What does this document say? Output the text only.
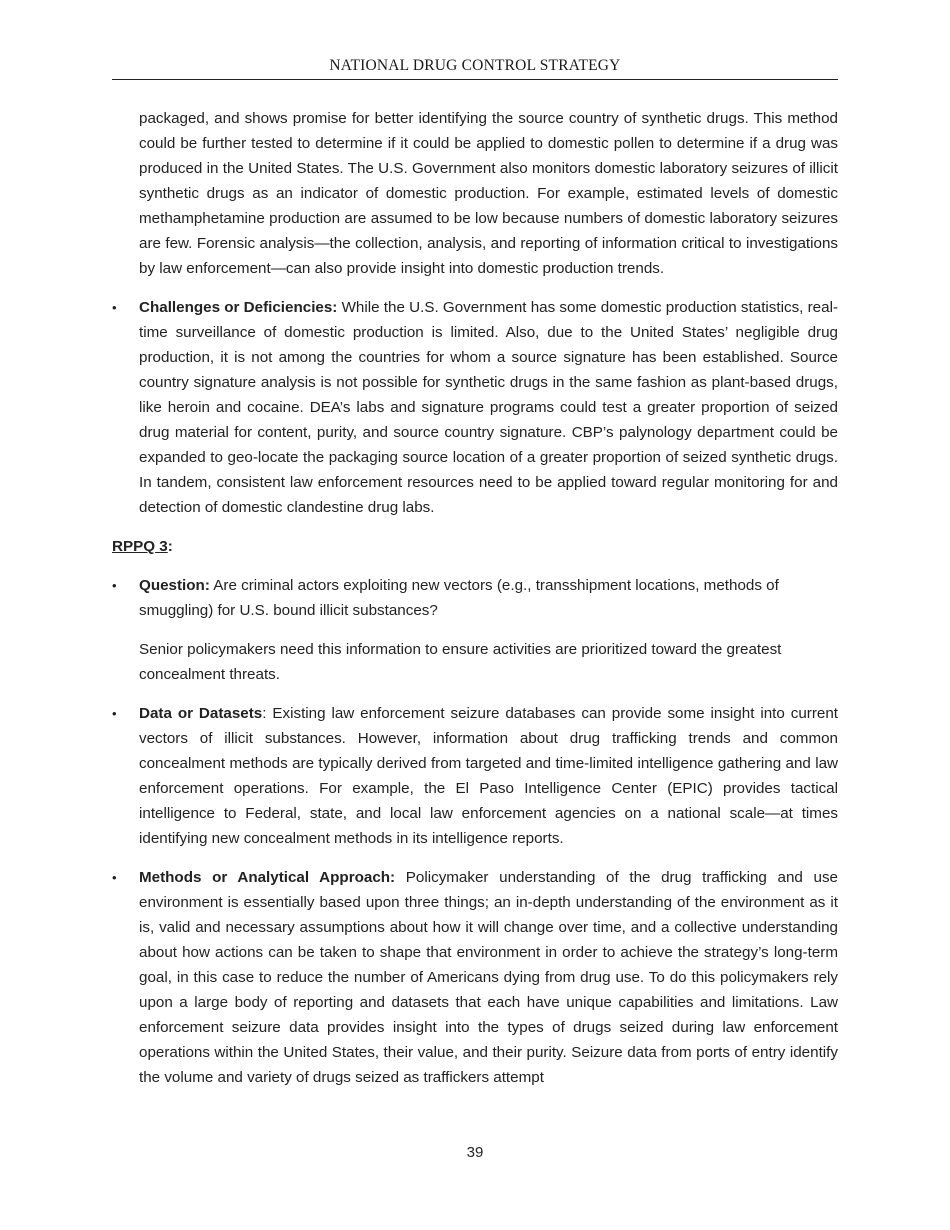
NATIONAL DRUG CONTROL STRATEGY

packaged, and shows promise for better identifying the source country of synthetic drugs. This method could be further tested to determine if it could be applied to domestic pollen to determine if a drug was produced in the United States. The U.S. Government also monitors domestic laboratory seizures of illicit synthetic drugs as an indicator of domestic production. For example, estimated levels of domestic methamphetamine production are assumed to be low because numbers of domestic laboratory seizures are few. Forensic analysis—the collection, analysis, and reporting of information critical to investigations by law enforcement—can also provide insight into domestic production trends.

•	Challenges or Deficiencies: While the U.S. Government has some domestic production statistics, real-time surveillance of domestic production is limited. Also, due to the United States’ negligible drug production, it is not among the countries for whom a source signature has been established. Source country signature analysis is not possible for synthetic drugs in the same fashion as plant-based drugs, like heroin and cocaine. DEA’s labs and signature programs could test a greater proportion of seized drug material for content, purity, and source country signature. CBP’s palynology department could be expanded to geo-locate the packaging source location of a greater proportion of seized synthetic drugs. In tandem, consistent law enforcement resources need to be applied toward regular monitoring for and detection of domestic clandestine drug labs.

RPPQ 3:

•	Question: Are criminal actors exploiting new vectors (e.g., transshipment locations, methods of smuggling) for U.S. bound illicit substances?

Senior policymakers need this information to ensure activities are prioritized toward the greatest concealment threats.

•	Data or Datasets: Existing law enforcement seizure databases can provide some insight into current vectors of illicit substances. However, information about drug trafficking trends and common concealment methods are typically derived from targeted and time-limited intelligence gathering and law enforcement operations. For example, the El Paso Intelligence Center (EPIC) provides tactical intelligence to Federal, state, and local law enforcement agencies on a national scale—at times identifying new concealment methods in its intelligence reports.

•	Methods or Analytical Approach: Policymaker understanding of the drug trafficking and use environment is essentially based upon three things; an in-depth understanding of the environment as it is, valid and necessary assumptions about how it will change over time, and a collective understanding about how actions can be taken to shape that environment in order to achieve the strategy’s long-term goal, in this case to reduce the number of Americans dying from drug use. To do this policymakers rely upon a large body of reporting and datasets that each have unique capabilities and limitations. Law enforcement seizure data provides insight into the types of drugs seized during law enforcement operations within the United States, their value, and their purity. Seizure data from ports of entry identify the volume and variety of drugs seized as traffickers attempt

39
